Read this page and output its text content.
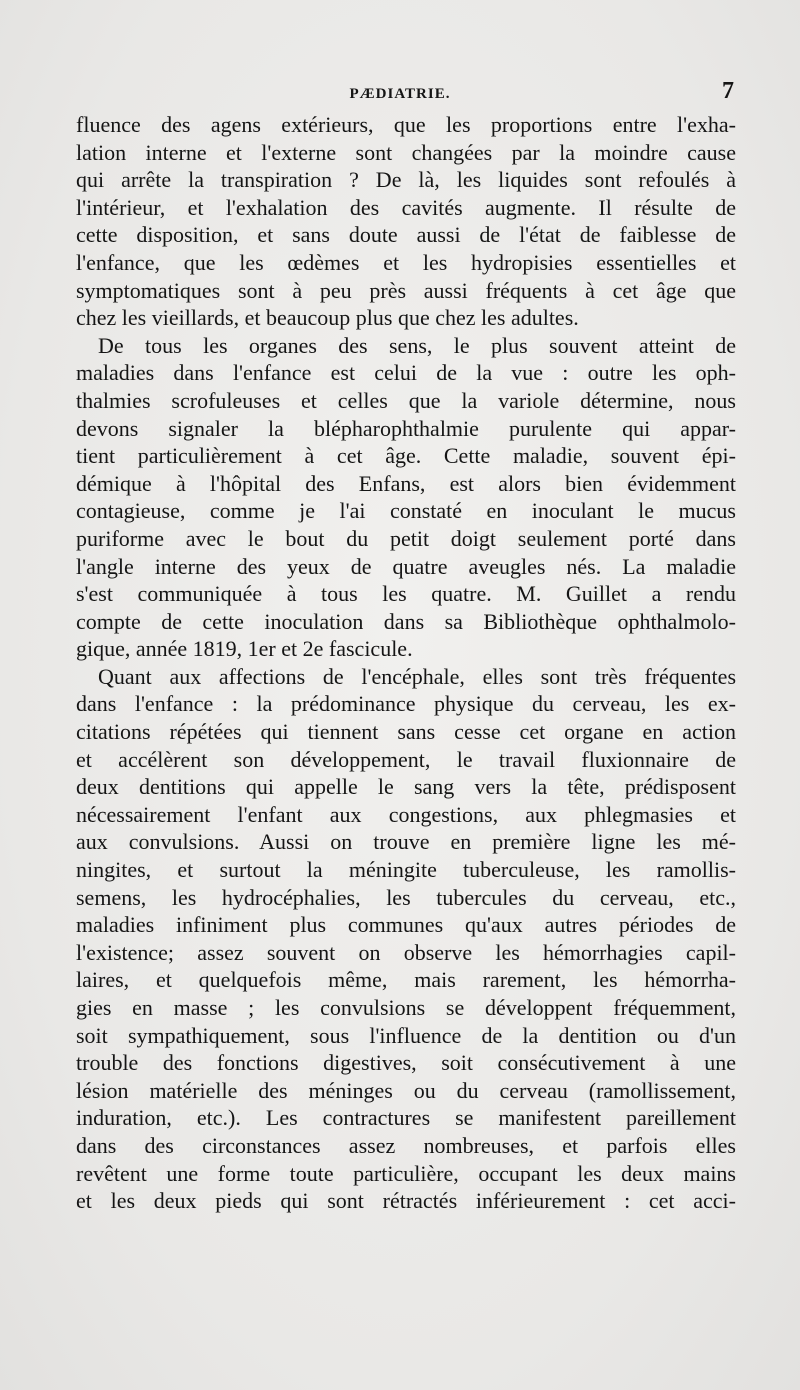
PÆDIATRIE.	7
fluence des agens extérieurs, que les proportions entre l'exha-
lation interne et l'externe sont changées par la moindre cause
qui arrête la transpiration ? De là, les liquides sont refoulés à
l'intérieur, et l'exhalation des cavités augmente. Il résulte de
cette disposition, et sans doute aussi de l'état de faiblesse de
l'enfance, que les œdèmes et les hydropisies essentielles et
symptomatiques sont à peu près aussi fréquents à cet âge que
chez les vieillards, et beaucoup plus que chez les adultes.
De tous les organes des sens, le plus souvent atteint de
maladies dans l'enfance est celui de la vue : outre les oph-
thalmies scrofuleuses et celles que la variole détermine, nous
devons signaler la blépharophthalmie purulente qui appar-
tient particulièrement à cet âge. Cette maladie, souvent épi-
démique à l'hôpital des Enfans, est alors bien évidemment
contagieuse, comme je l'ai constaté en inoculant le mucus
puriforme avec le bout du petit doigt seulement porté dans
l'angle interne des yeux de quatre aveugles nés. La maladie
s'est communiquée à tous les quatre. M. Guillet a rendu
compte de cette inoculation dans sa Bibliothèque ophthalmolo-
gique, année 1819, 1er et 2e fascicule.
Quant aux affections de l'encéphale, elles sont très fréquentes
dans l'enfance : la prédominance physique du cerveau, les ex-
citations répétées qui tiennent sans cesse cet organe en action
et accélèrent son développement, le travail fluxionnaire de
deux dentitions qui appelle le sang vers la tête, prédisposent
nécessairement l'enfant aux congestions, aux phlegmasies et
aux convulsions. Aussi on trouve en première ligne les mé-
ningites, et surtout la méningite tuberculeuse, les ramollis-
semens, les hydrocéphalies, les tubercules du cerveau, etc.,
maladies infiniment plus communes qu'aux autres périodes de
l'existence; assez souvent on observe les hémorrhagies capil-
laires, et quelquefois même, mais rarement, les hémorrha-
gies en masse ; les convulsions se développent fréquemment,
soit sympathiquement, sous l'influence de la dentition ou d'un
trouble des fonctions digestives, soit consécutivement à une
lésion matérielle des méninges ou du cerveau (ramollissement,
induration, etc.). Les contractures se manifestent pareillement
dans des circonstances assez nombreuses, et parfois elles
revêtent une forme toute particulière, occupant les deux mains
et les deux pieds qui sont rétractés inférieurement : cet acci-
